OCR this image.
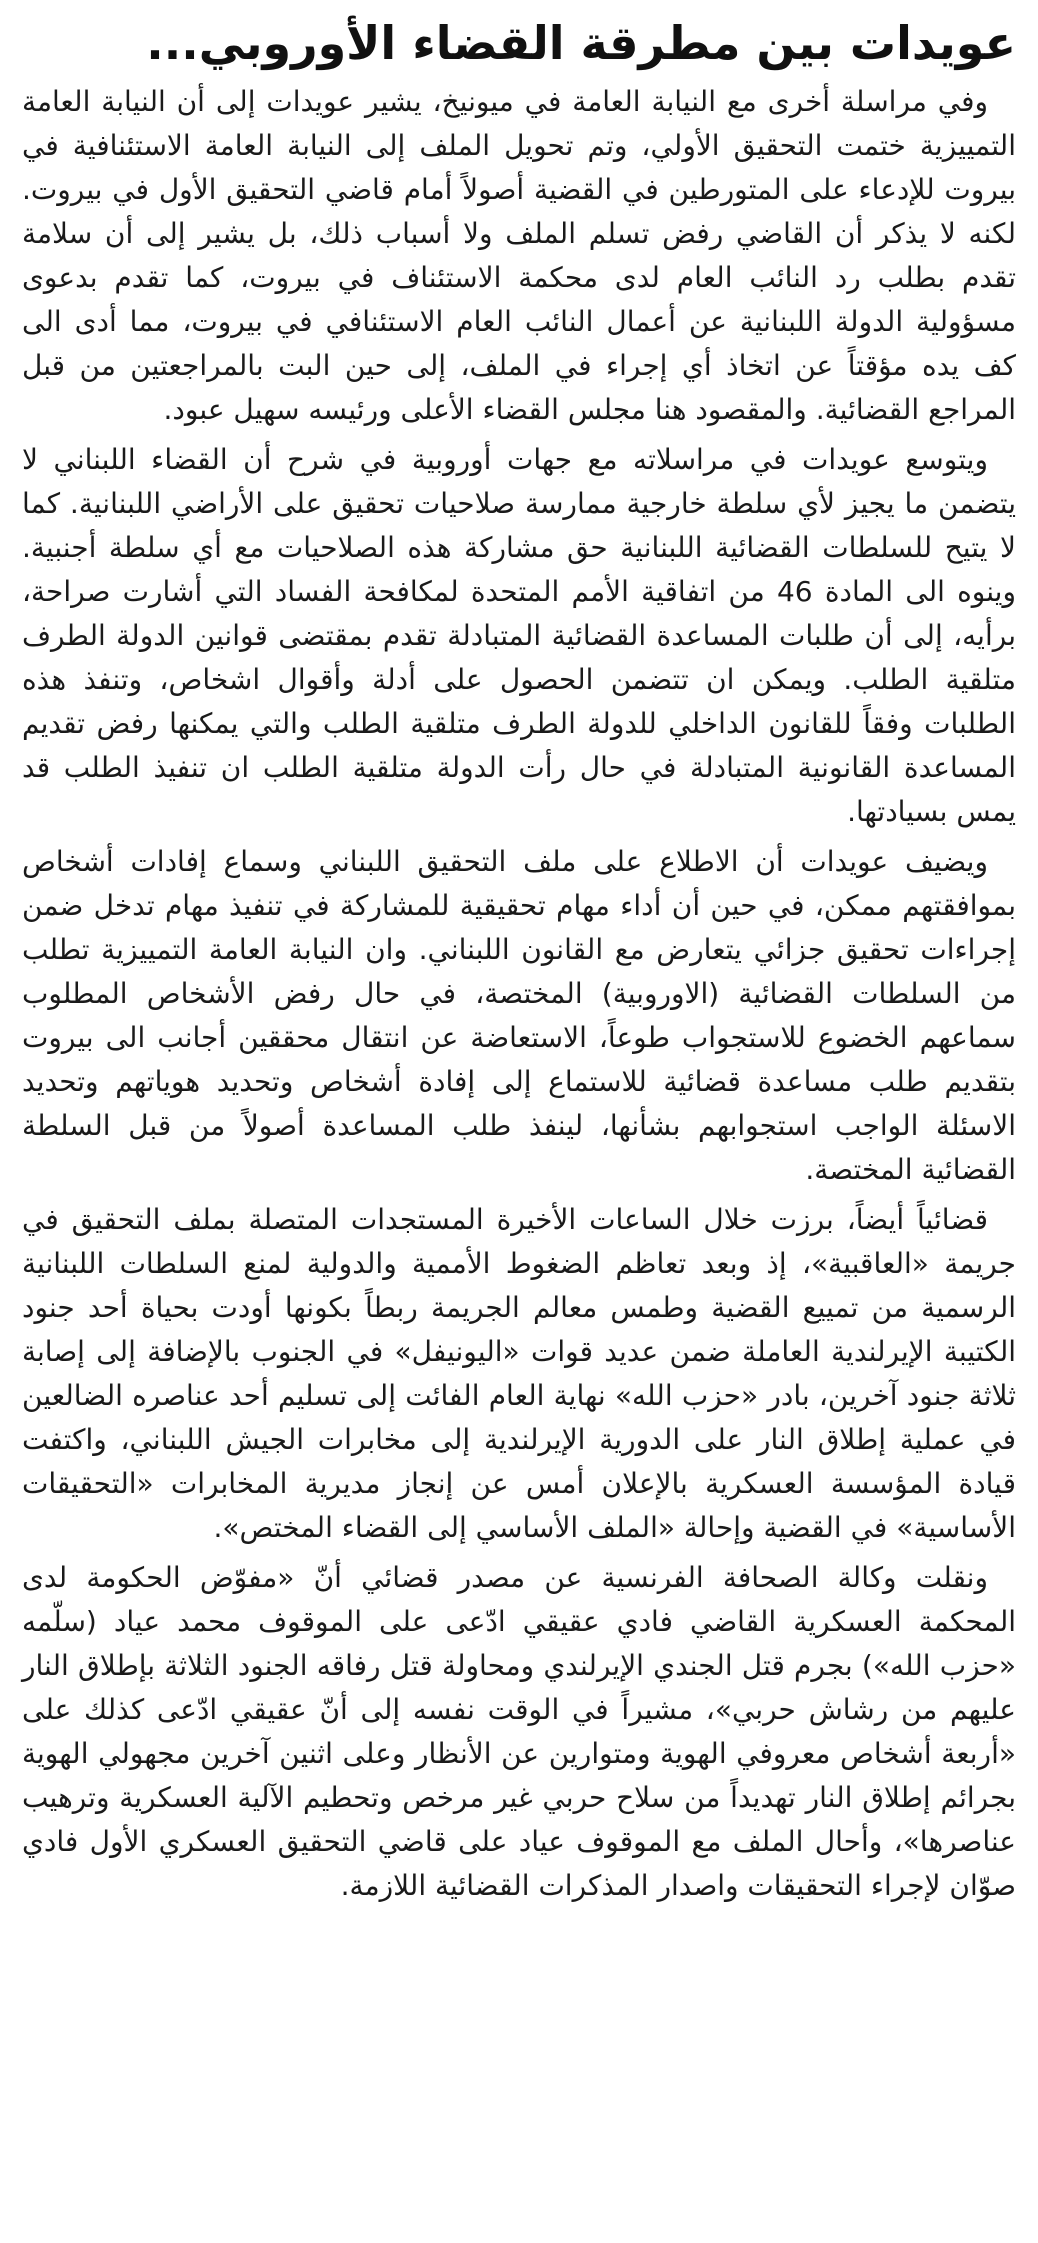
عويدات بين مطرقة القضاء الأوروبي...

وفي مراسلة أخرى مع النيابة العامة في ميونيخ، يشير عويدات إلى أن النيابة العامة التمييزية ختمت التحقيق الأولي، وتم تحويل الملف إلى النيابة العامة الاستئنافية في بيروت للإدعاء على المتورطين في القضية أصولاً أمام قاضي التحقيق الأول في بيروت. لكنه لا يذكر أن القاضي رفض تسلم الملف ولا أسباب ذلك، بل يشير إلى أن سلامة تقدم بطلب رد النائب العام لدى محكمة الاستئناف في بيروت، كما تقدم بدعوى مسؤولية الدولة اللبنانية عن أعمال النائب العام الاستئنافي في بيروت، مما أدى الى كف يده مؤقتاً عن اتخاذ أي إجراء في الملف، إلى حين البت بالمراجعتين من قبل المراجع القضائية. والمقصود هنا مجلس القضاء الأعلى ورئيسه سهيل عبود.

ويتوسع عويدات في مراسلاته مع جهات أوروبية في شرح أن القضاء اللبناني لا يتضمن ما يجيز لأي سلطة خارجية ممارسة صلاحيات تحقيق على الأراضي اللبنانية. كما لا يتيح للسلطات القضائية اللبنانية حق مشاركة هذه الصلاحيات مع أي سلطة أجنبية. وينوه الى المادة 46 من اتفاقية الأمم المتحدة لمكافحة الفساد التي أشارت صراحة، برأيه، إلى أن طلبات المساعدة القضائية المتبادلة تقدم بمقتضى قوانين الدولة الطرف متلقية الطلب. ويمكن ان تتضمن الحصول على أدلة وأقوال اشخاص، وتنفذ هذه الطلبات وفقاً للقانون الداخلي للدولة الطرف متلقية الطلب والتي يمكنها رفض تقديم المساعدة القانونية المتبادلة في حال رأت الدولة متلقية الطلب ان تنفيذ الطلب قد يمس بسيادتها.

ويضيف عويدات أن الاطلاع على ملف التحقيق اللبناني وسماع إفادات أشخاص بموافقتهم ممكن، في حين أن أداء مهام تحقيقية للمشاركة في تنفيذ مهام تدخل ضمن إجراءات تحقيق جزائي يتعارض مع القانون اللبناني. وان النيابة العامة التمييزية تطلب من السلطات القضائية (الاوروبية) المختصة، في حال رفض الأشخاص المطلوب سماعهم الخضوع للاستجواب طوعاً، الاستعاضة عن انتقال محققين أجانب الى بيروت بتقديم طلب مساعدة قضائية للاستماع إلى إفادة أشخاص وتحديد هوياتهم وتحديد الاسئلة الواجب استجوابهم بشأنها، لينفذ طلب المساعدة أصولاً من قبل السلطة القضائية المختصة.

قضائياً أيضاً، برزت خلال الساعات الأخيرة المستجدات المتصلة بملف التحقيق في جريمة «العاقبية»، إذ وبعد تعاظم الضغوط الأممية والدولية لمنع السلطات اللبنانية الرسمية من تمييع القضية وطمس معالم الجريمة ربطاً بكونها أودت بحياة أحد جنود الكتيبة الإيرلندية العاملة ضمن عديد قوات «اليونيفل» في الجنوب بالإضافة إلى إصابة ثلاثة جنود آخرين، بادر «حزب الله» نهاية العام الفائت إلى تسليم أحد عناصره الضالعين في عملية إطلاق النار على الدورية الإيرلندية إلى مخابرات الجيش اللبناني، واكتفت قيادة المؤسسة العسكرية بالإعلان أمس عن إنجاز مديرية المخابرات «التحقيقات الأساسية» في القضية وإحالة «الملف الأساسي إلى القضاء المختص».

ونقلت وكالة الصحافة الفرنسية عن مصدر قضائي أنّ «مفوّض الحكومة لدى المحكمة العسكرية القاضي فادي عقيقي ادّعى على الموقوف محمد عياد (سلّمه «حزب الله») بجرم قتل الجندي الإيرلندي ومحاولة قتل رفاقه الجنود الثلاثة بإطلاق النار عليهم من رشاش حربي»، مشيراً في الوقت نفسه إلى أنّ عقيقي ادّعى كذلك على «أربعة أشخاص معروفي الهوية ومتوارين عن الأنظار وعلى اثنين آخرين مجهولي الهوية بجرائم إطلاق النار تهديداً من سلاح حربي غير مرخص وتحطيم الآلية العسكرية وترهيب عناصرها»، وأحال الملف مع الموقوف عياد على قاضي التحقيق العسكري الأول فادي صوّان لإجراء التحقيقات واصدار المذكرات القضائية اللازمة.
